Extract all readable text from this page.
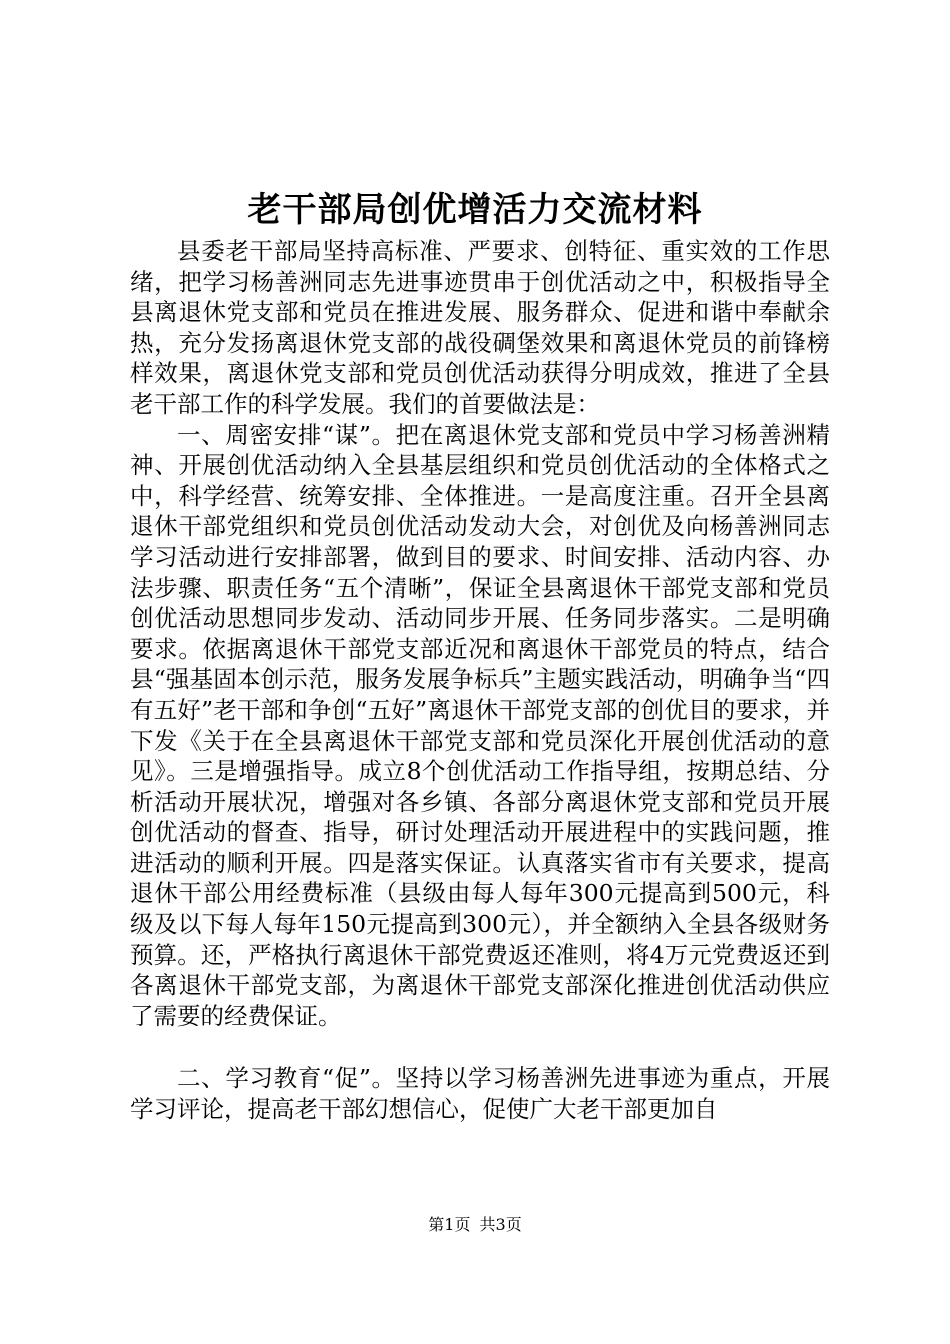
老干部局创优增活力交流材料

县委老干部局坚持高标准、严要求、创特征、重实效的工作思绪，把学习杨善洲同志先进事迹贯串于创优活动之中，积极指导全县离退休党支部和党员在推进发展、服务群众、促进和谐中奉献余热，充分发扬离退休党支部的战役碉堡效果和离退休党员的前锋榜样效果，离退休党支部和党员创优活动获得分明成效，推进了全县老干部工作的科学发展。我们的首要做法是：

一、周密安排“谋”。把在离退休党支部和党员中学习杨善洲精神、开展创优活动纳入全县基层组织和党员创优活动的全体格式之中，科学经营、统筹安排、全体推进。一是高度注重。召开全县离退休干部党组织和党员创优活动发动大会，对创优及向杨善洲同志学习活动进行安排部署，做到目的要求、时间安排、活动内容、办法步骤、职责任务“五个清晰”，保证全县离退休干部党支部和党员创优活动思想同步发动、活动同步开展、任务同步落实。二是明确要求。依据离退休干部党支部近况和离退休干部党员的特点，结合县“强基固本创示范，服务发展争标兵”主题实践活动，明确争当“四有五好”老干部和争创“五好”离退休干部党支部的创优目的要求，并下发《关于在全县离退休干部党支部和党员深化开展创优活动的意见》。三是增强指导。成立8个创优活动工作指导组，按期总结、分析活动开展状况，增强对各乡镇、各部分离退休党支部和党员开展创优活动的督查、指导，研讨处理活动开展进程中的实践问题，推进活动的顺利开展。四是落实保证。认真落实省市有关要求，提高退休干部公用经费标准（县级由每人每年300元提高到500元，科级及以下每人每年150元提高到300元），并全额纳入全县各级财务预算。还，严格执行离退休干部党费返还准则，将4万元党费返还到各离退休干部党支部，为离退休干部党支部深化推进创优活动供应了需要的经费保证。

二、学习教育“促”。坚持以学习杨善洲先进事迹为重点，开展学习评论，提高老干部幻想信心，促使广大老干部更加自

第1页 共3页
